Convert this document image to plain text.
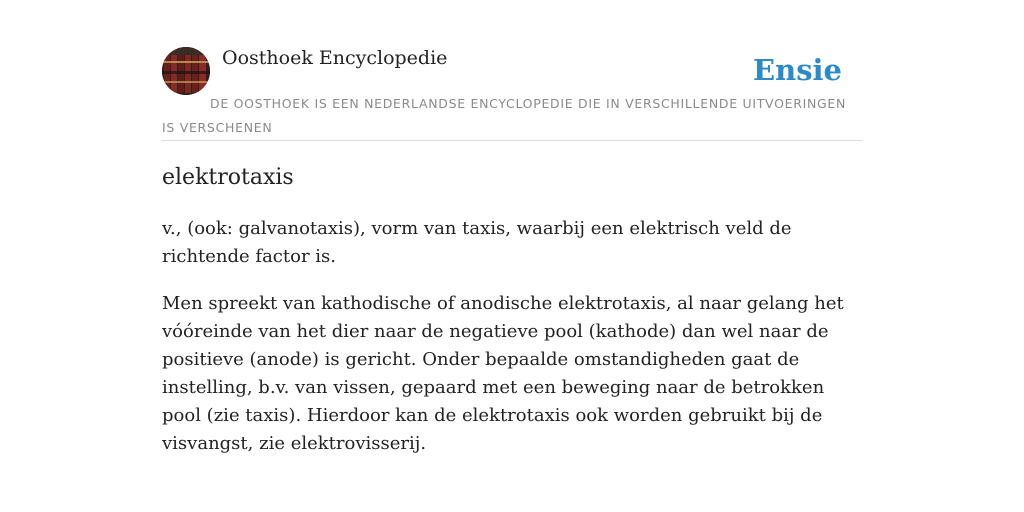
Oosthoek Encyclopedie	Ensie
DE OOSTHOEK IS EEN NEDERLANDSE ENCYCLOPEDIE DIE IN VERSCHILLENDE UITVOERINGEN IS VERSCHENEN
elektrotaxis

v., (ook: galvanotaxis), vorm van taxis, waarbij een elektrisch veld de richtende factor is.

Men spreekt van kathodische of anodische elektrotaxis, al naar gelang het vóóreinde van het dier naar de negatieve pool (kathode) dan wel naar de positieve (anode) is gericht. Onder bepaalde omstandigheden gaat de instelling, b.v. van vissen, gepaard met een beweging naar de betrokken pool (zie taxis). Hierdoor kan de elektrotaxis ook worden gebruikt bij de visvangst, zie elektrovisserij.
